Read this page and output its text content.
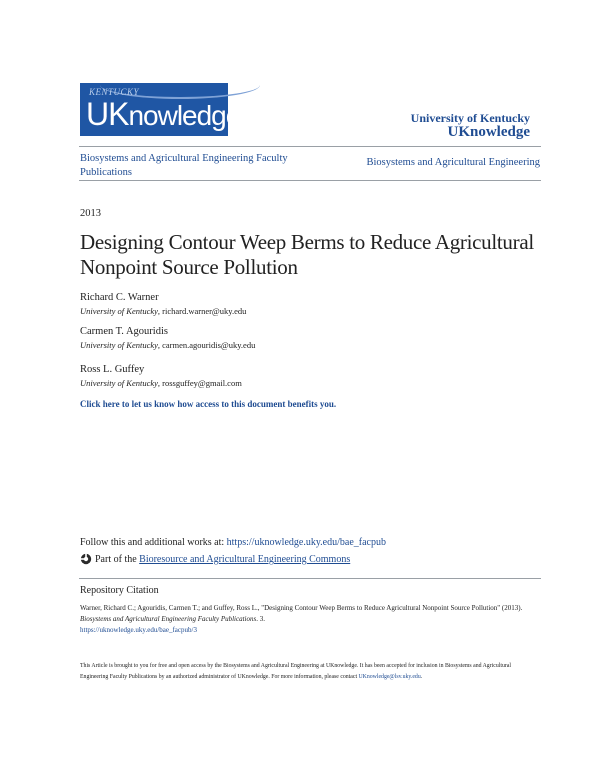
KENTUCKY
UKnowledge	University of Kentucky
UKnowledge
Biosystems and Agricultural Engineering Faculty Publications
Biosystems and Agricultural Engineering
2013
Designing Contour Weep Berms to Reduce Agricultural Nonpoint Source Pollution
Richard C. Warner
University of Kentucky, richard.warner@uky.edu
Carmen T. Agouridis
University of Kentucky, carmen.agouridis@uky.edu
Ross L. Guffey
University of Kentucky, rossguffey@gmail.com
Click here to let us know how access to this document benefits you.
Follow this and additional works at: https://uknowledge.uky.edu/bae_facpub
Part of the Bioresource and Agricultural Engineering Commons
Repository Citation
Warner, Richard C.; Agouridis, Carmen T.; and Guffey, Ross L., "Designing Contour Weep Berms to Reduce Agricultural Nonpoint Source Pollution" (2013). Biosystems and Agricultural Engineering Faculty Publications. 3.
https://uknowledge.uky.edu/bae_facpub/3
This Article is brought to you for free and open access by the Biosystems and Agricultural Engineering at UKnowledge. It has been accepted for inclusion in Biosystems and Agricultural Engineering Faculty Publications by an authorized administrator of UKnowledge. For more information, please contact UKnowledge@lsv.uky.edu.
